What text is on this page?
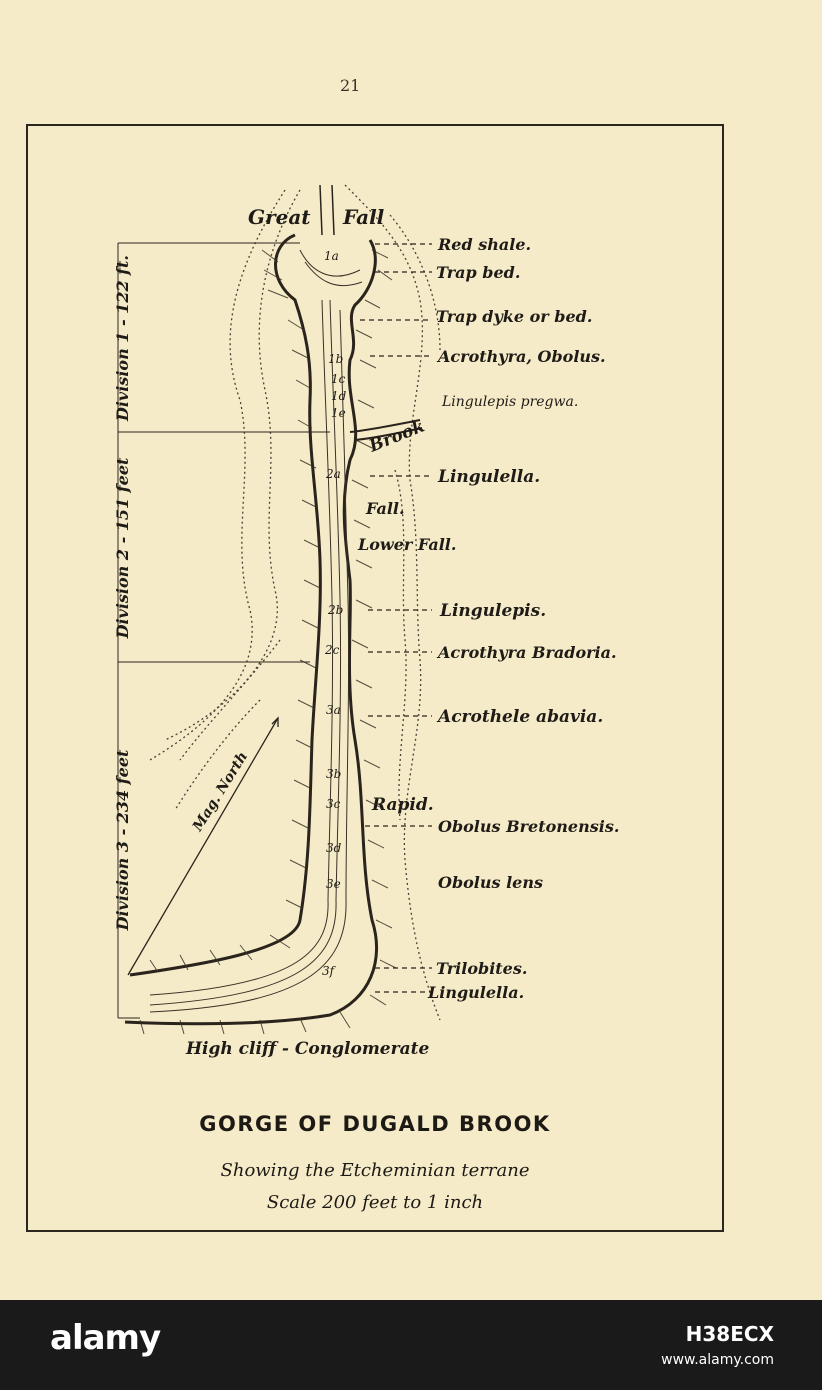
21
Great Fall
Red shale.
Trap bed.
Trap dyke or bed.
Acrothyra, Obolus.
Lingulepis pregwa.
Brook
Lingulella.
Fall.
Lower Fall.
Lingulepis.
Acrothyra Bradoria.
Acrothele abavia.
Rapid.
Obolus Bretonensis.
Obolus lens
Trilobites.
Lingulella.
High cliff - Conglomerate
Mag. North
Division 1 - 122 ft.
Division 2 - 151 feet
Division 3 - 234 feet
1a
1b
1c
1d
1e
2a
2b
2c
3a
3b
3c
3d
3e
3f
GORGE OF DUGALD BROOK
Showing the Etcheminian terrane
Scale 200 feet to 1 inch
alamy	H38ECX
www.alamy.com
